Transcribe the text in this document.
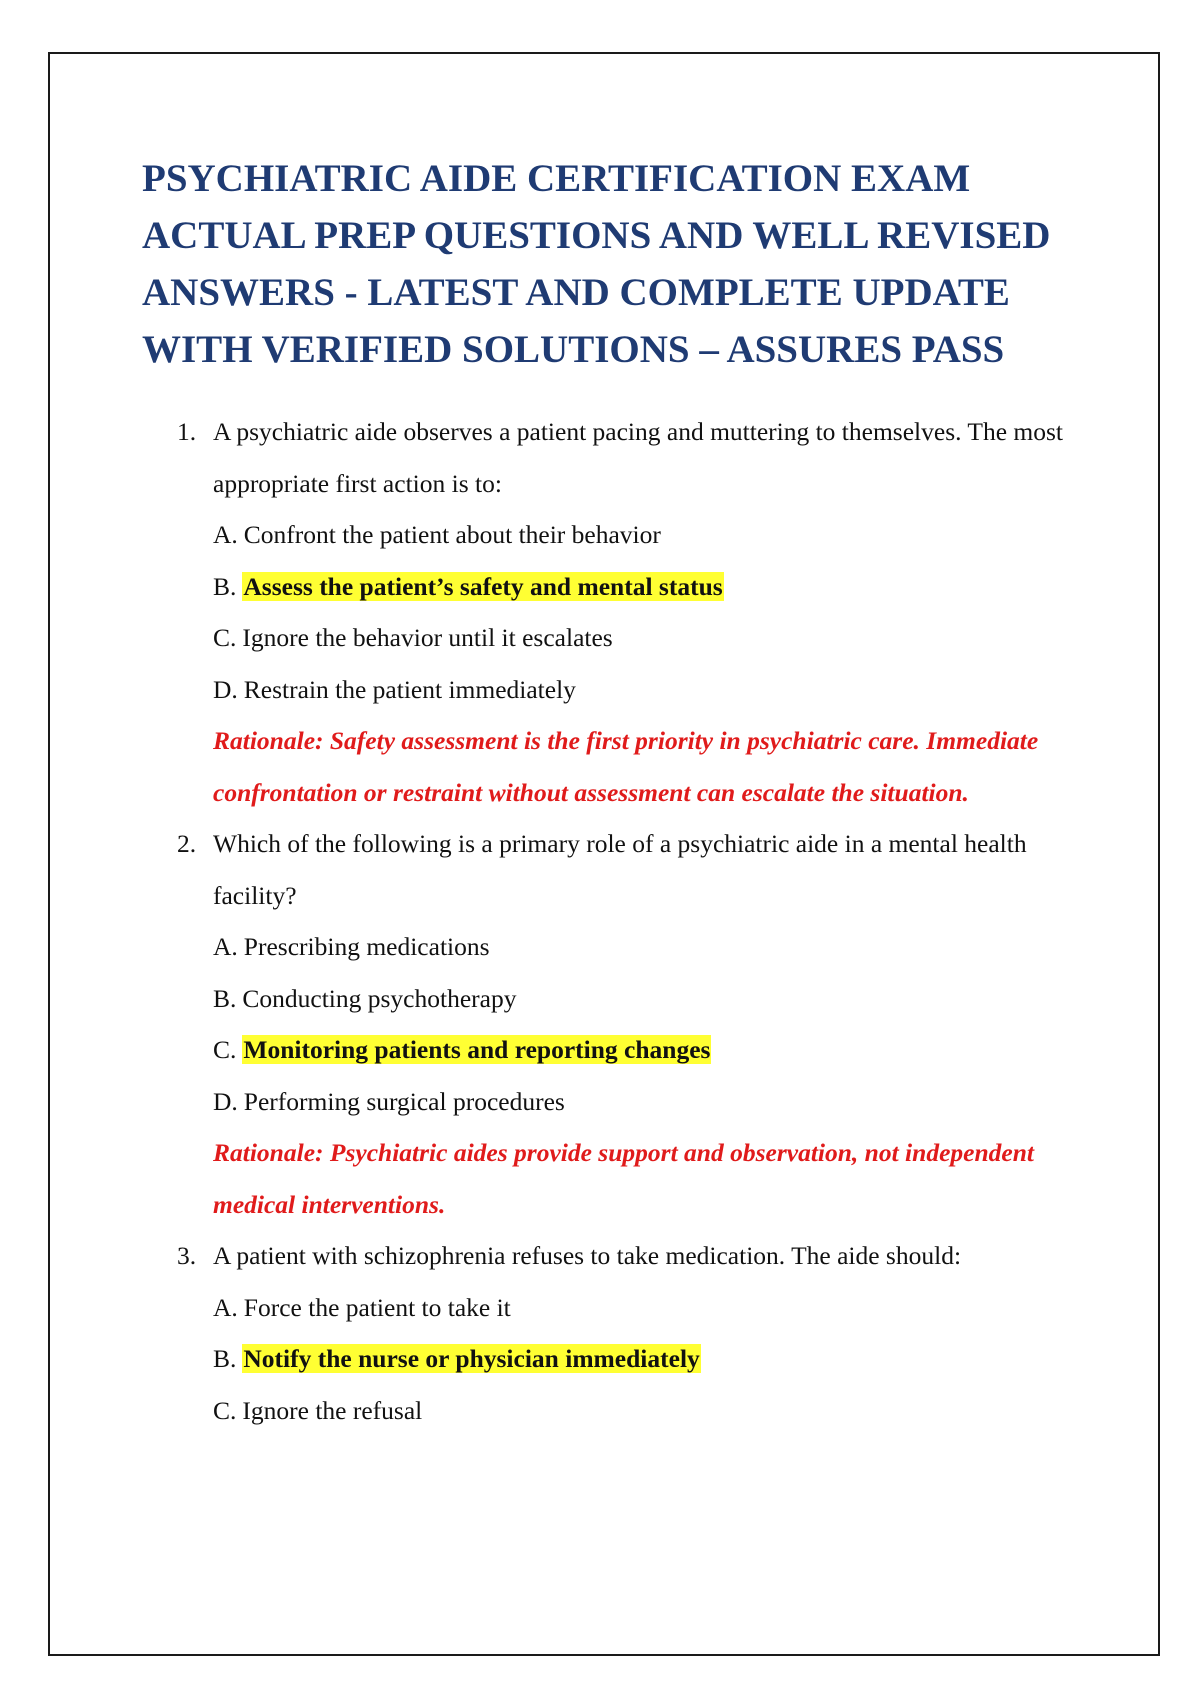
PSYCHIATRIC AIDE CERTIFICATION EXAM ACTUAL PREP QUESTIONS AND WELL REVISED ANSWERS - LATEST AND COMPLETE UPDATE WITH VERIFIED SOLUTIONS – ASSURES PASS
1. A psychiatric aide observes a patient pacing and muttering to themselves. The most appropriate first action is to:
A. Confront the patient about their behavior
B. Assess the patient’s safety and mental status
C. Ignore the behavior until it escalates
D. Restrain the patient immediately
Rationale: Safety assessment is the first priority in psychiatric care. Immediate confrontation or restraint without assessment can escalate the situation.
2. Which of the following is a primary role of a psychiatric aide in a mental health facility?
A. Prescribing medications
B. Conducting psychotherapy
C. Monitoring patients and reporting changes
D. Performing surgical procedures
Rationale: Psychiatric aides provide support and observation, not independent medical interventions.
3. A patient with schizophrenia refuses to take medication. The aide should:
A. Force the patient to take it
B. Notify the nurse or physician immediately
C. Ignore the refusal
